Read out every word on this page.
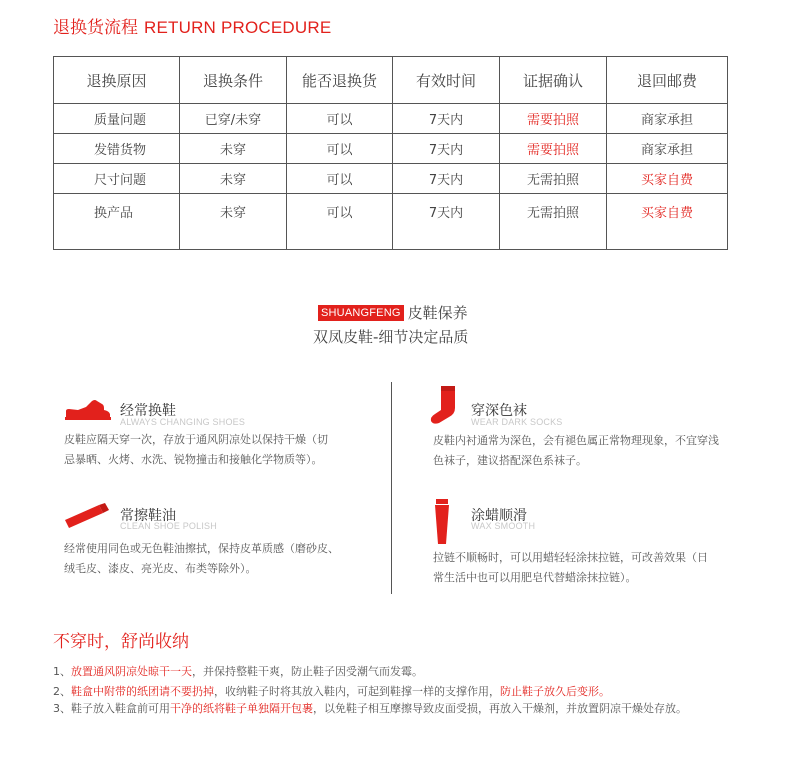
退换货流程 RETURN PROCEDURE
退换原因	退换条件	能否退换货	有效时间	证据确认	退回邮费
质量问题	已穿/未穿	可以	7天内	需要拍照	商家承担
发错货物	未穿	可以	7天内	需要拍照	商家承担
尺寸问题	未穿	可以	7天内	无需拍照	买家自费
换产品	未穿	可以	7天内	无需拍照	买家自费
SHUANGFENG 皮鞋保养
双凤皮鞋-细节决定品质
经常换鞋
ALWAYS CHANGING SHOES
皮鞋应隔天穿一次，存放于通风阴凉处以保持干燥（切
忌暴晒、火烤、水洗、锐物撞击和接触化学物质等）。
穿深色袜
WEAR DARK SOCKS
皮鞋内衬通常为深色，会有褪色属正常物理现象，不宜穿浅
色袜子，建议搭配深色系袜子。
常擦鞋油
CLEAN SHOE POLISH
经常使用同色或无色鞋油擦拭，保持皮革质感（磨砂皮、
绒毛皮、漆皮、亮光皮、布类等除外）。
涂蜡顺滑
WAX SMOOTH
拉链不顺畅时，可以用蜡轻轻涂抹拉链，可改善效果（日
常生活中也可以用肥皂代替蜡涂抹拉链）。
不穿时，舒尚收纳
1、放置通风阴凉处晾干一天，并保持整鞋干爽，防止鞋子因受潮气而发霉。
2、鞋盒中附带的纸团请不要扔掉，收纳鞋子时将其放入鞋内，可起到鞋撑一样的支撑作用，防止鞋子放久后变形。
3、鞋子放入鞋盒前可用干净的纸将鞋子单独隔开包裹，以免鞋子相互摩擦导致皮面受损，再放入干燥剂，并放置阴凉干燥处存放。
